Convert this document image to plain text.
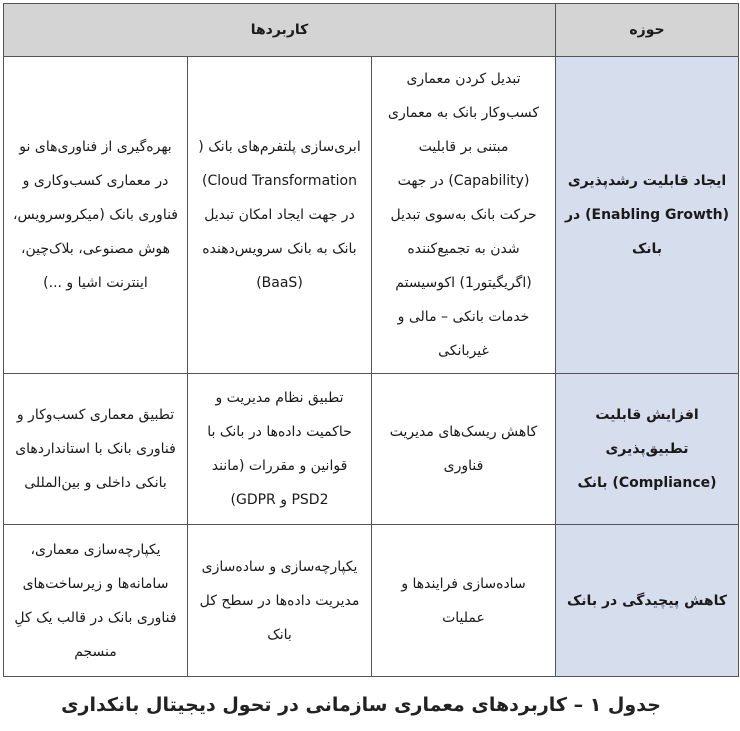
حوزه	کاربردها		
ایجاد قابلیت رشدپذیری (Enabling Growth) در بانک	تبدیل کردن معماری کسب‌وکار بانک به معماری مبتنی بر قابلیت (Capability) در جهت حرکت بانک به‌سوی تبدیل شدن به تجمیع‌کننده (اگریگیتور1) اکوسیستم خدمات بانکی – مالی و غیربانکی	ابری‌سازی پلتفرم‌های بانک ( Cloud Transformation) در جهت ایجاد امکان تبدیل بانک به بانک سرویس‌دهنده (BaaS)	بهره‌گیری از فناوری‌های نو در معماری کسب‌وکاری و فناوری بانک (میکروسرویس، هوش مصنوعی، بلاک‌چین، اینترنت اشیا و ...)
افزایش قابلیت تطبیق‌پذیری (Compliance) بانک	کاهش ریسک‌های مدیریت فناوری	تطبیق نظام مدیریت و حاکمیت داده‌ها در بانک با قوانین و مقررات (مانند PSD2 و GDPR)	تطبیق معماری کسب‌وکار و فناوری بانک با استانداردهای بانکی داخلی و بین‌المللی
کاهش پیچیدگی در بانک	ساده‌سازی فرایندها و عملیات	یکپارچه‌سازی و ساده‌سازی مدیریت داده‌ها در سطح کل بانک	یکپارچه‌سازی معماری، سامانه‌ها و زیرساخت‌های فناوری بانک در قالب یک کلِ منسجم
جدول ۱ – کاربردهای معماری سازمانی در تحول دیجیتال بانکداری
